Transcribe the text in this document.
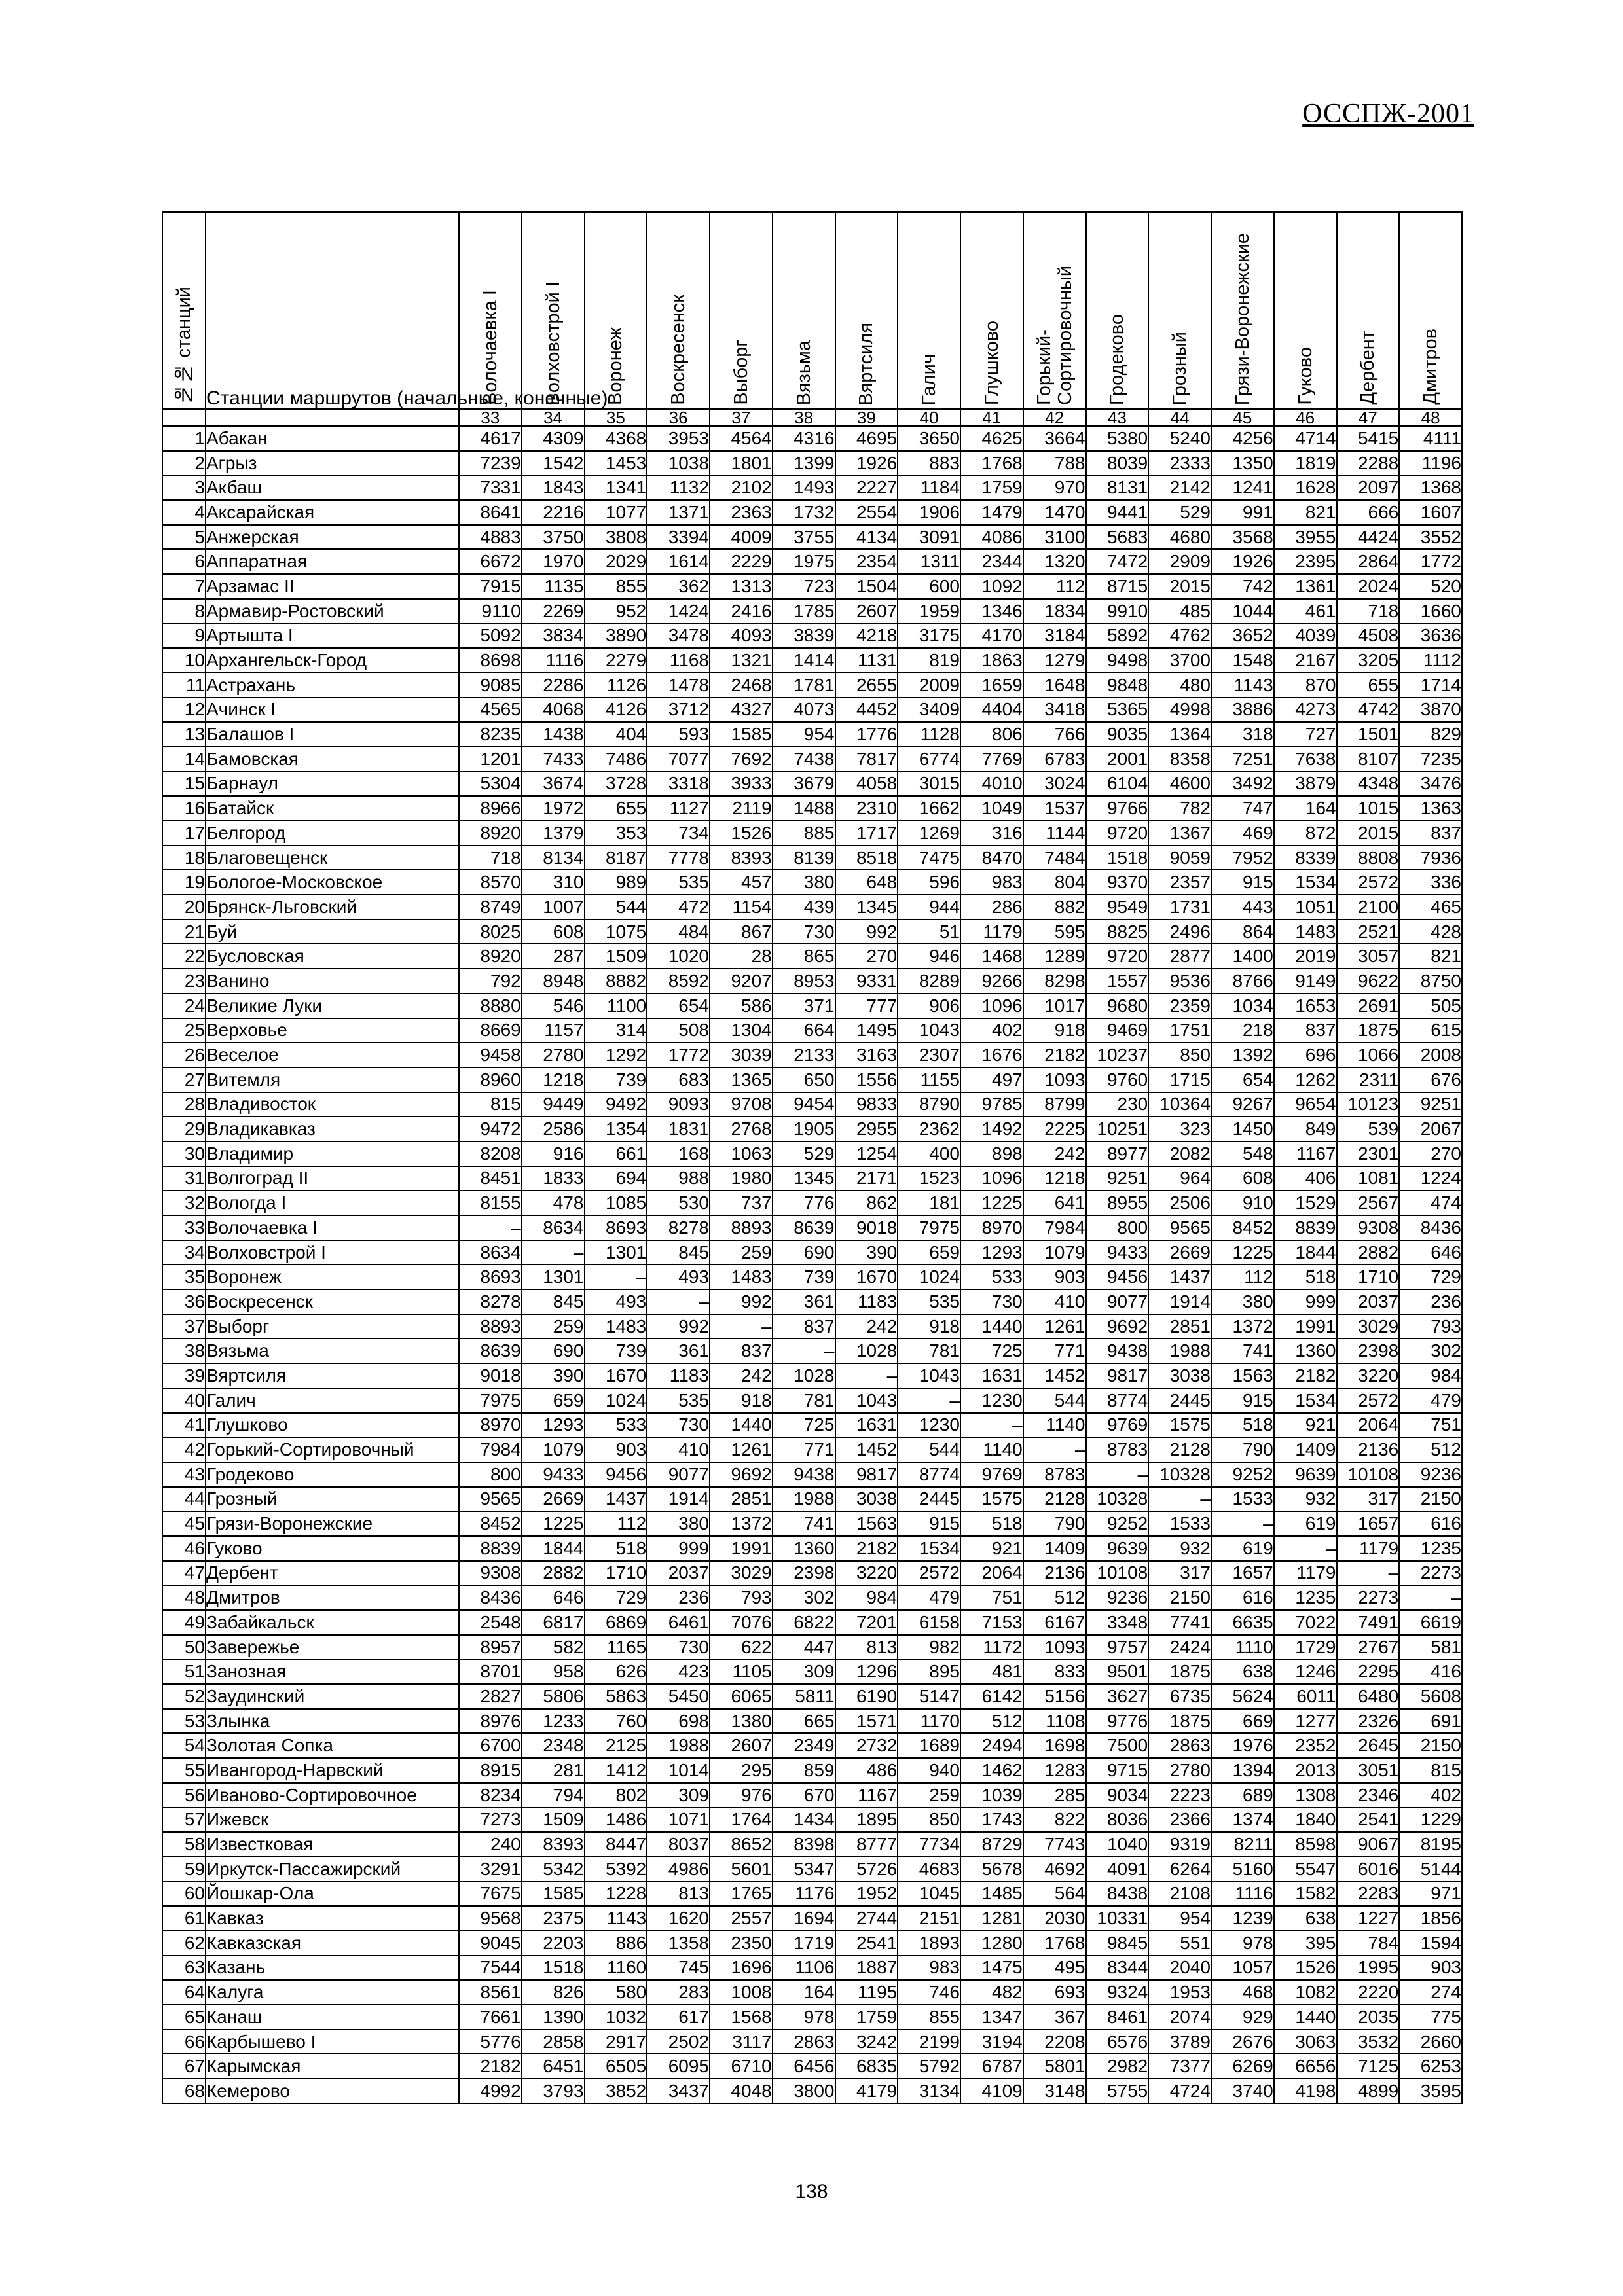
ОССПЖ-2001
№№ станций	Станции маршрутов (начальные, конечные)	Волочаевка I	Волховстрой I	Воронеж	Воскресенск	Выборг	Вязьма	Вяртсиля	Галич	Глушково	Горький-Сортировочный	Гродеково	Грозный	Грязи-Воронежские	Гуково	Дербент	Дмитров
		33	34	35	36	37	38	39	40	41	42	43	44	45	46	47	48
1	Абакан	4617	4309	4368	3953	4564	4316	4695	3650	4625	3664	5380	5240	4256	4714	5415	4111
2	Агрыз	7239	1542	1453	1038	1801	1399	1926	883	1768	788	8039	2333	1350	1819	2288	1196
3	Акбаш	7331	1843	1341	1132	2102	1493	2227	1184	1759	970	8131	2142	1241	1628	2097	1368
4	Аксарайская	8641	2216	1077	1371	2363	1732	2554	1906	1479	1470	9441	529	991	821	666	1607
5	Анжерская	4883	3750	3808	3394	4009	3755	4134	3091	4086	3100	5683	4680	3568	3955	4424	3552
6	Аппаратная	6672	1970	2029	1614	2229	1975	2354	1311	2344	1320	7472	2909	1926	2395	2864	1772
7	Арзамас II	7915	1135	855	362	1313	723	1504	600	1092	112	8715	2015	742	1361	2024	520
8	Армавир-Ростовский	9110	2269	952	1424	2416	1785	2607	1959	1346	1834	9910	485	1044	461	718	1660
9	Артышта I	5092	3834	3890	3478	4093	3839	4218	3175	4170	3184	5892	4762	3652	4039	4508	3636
10	Архангельск-Город	8698	1116	2279	1168	1321	1414	1131	819	1863	1279	9498	3700	1548	2167	3205	1112
11	Астрахань	9085	2286	1126	1478	2468	1781	2655	2009	1659	1648	9848	480	1143	870	655	1714
12	Ачинск I	4565	4068	4126	3712	4327	4073	4452	3409	4404	3418	5365	4998	3886	4273	4742	3870
13	Балашов I	8235	1438	404	593	1585	954	1776	1128	806	766	9035	1364	318	727	1501	829
14	Бамовская	1201	7433	7486	7077	7692	7438	7817	6774	7769	6783	2001	8358	7251	7638	8107	7235
15	Барнаул	5304	3674	3728	3318	3933	3679	4058	3015	4010	3024	6104	4600	3492	3879	4348	3476
16	Батайск	8966	1972	655	1127	2119	1488	2310	1662	1049	1537	9766	782	747	164	1015	1363
17	Белгород	8920	1379	353	734	1526	885	1717	1269	316	1144	9720	1367	469	872	2015	837
18	Благовещенск	718	8134	8187	7778	8393	8139	8518	7475	8470	7484	1518	9059	7952	8339	8808	7936
19	Бологое-Московское	8570	310	989	535	457	380	648	596	983	804	9370	2357	915	1534	2572	336
20	Брянск-Льговский	8749	1007	544	472	1154	439	1345	944	286	882	9549	1731	443	1051	2100	465
21	Буй	8025	608	1075	484	867	730	992	51	1179	595	8825	2496	864	1483	2521	428
22	Бусловская	8920	287	1509	1020	28	865	270	946	1468	1289	9720	2877	1400	2019	3057	821
23	Ванино	792	8948	8882	8592	9207	8953	9331	8289	9266	8298	1557	9536	8766	9149	9622	8750
24	Великие Луки	8880	546	1100	654	586	371	777	906	1096	1017	9680	2359	1034	1653	2691	505
25	Верховье	8669	1157	314	508	1304	664	1495	1043	402	918	9469	1751	218	837	1875	615
26	Веселое	9458	2780	1292	1772	3039	2133	3163	2307	1676	2182	10237	850	1392	696	1066	2008
27	Витемля	8960	1218	739	683	1365	650	1556	1155	497	1093	9760	1715	654	1262	2311	676
28	Владивосток	815	9449	9492	9093	9708	9454	9833	8790	9785	8799	230	10364	9267	9654	10123	9251
29	Владикавказ	9472	2586	1354	1831	2768	1905	2955	2362	1492	2225	10251	323	1450	849	539	2067
30	Владимир	8208	916	661	168	1063	529	1254	400	898	242	8977	2082	548	1167	2301	270
31	Волгоград II	8451	1833	694	988	1980	1345	2171	1523	1096	1218	9251	964	608	406	1081	1224
32	Вологда I	8155	478	1085	530	737	776	862	181	1225	641	8955	2506	910	1529	2567	474
33	Волочаевка I	–	8634	8693	8278	8893	8639	9018	7975	8970	7984	800	9565	8452	8839	9308	8436
34	Волховстрой I	8634	–	1301	845	259	690	390	659	1293	1079	9433	2669	1225	1844	2882	646
35	Воронеж	8693	1301	–	493	1483	739	1670	1024	533	903	9456	1437	112	518	1710	729
36	Воскресенск	8278	845	493	–	992	361	1183	535	730	410	9077	1914	380	999	2037	236
37	Выборг	8893	259	1483	992	–	837	242	918	1440	1261	9692	2851	1372	1991	3029	793
38	Вязьма	8639	690	739	361	837	–	1028	781	725	771	9438	1988	741	1360	2398	302
39	Вяртсиля	9018	390	1670	1183	242	1028	–	1043	1631	1452	9817	3038	1563	2182	3220	984
40	Галич	7975	659	1024	535	918	781	1043	–	1230	544	8774	2445	915	1534	2572	479
41	Глушково	8970	1293	533	730	1440	725	1631	1230	–	1140	9769	1575	518	921	2064	751
42	Горький-Сортировочный	7984	1079	903	410	1261	771	1452	544	1140	–	8783	2128	790	1409	2136	512
43	Гродеково	800	9433	9456	9077	9692	9438	9817	8774	9769	8783	–	10328	9252	9639	10108	9236
44	Грозный	9565	2669	1437	1914	2851	1988	3038	2445	1575	2128	10328	–	1533	932	317	2150
45	Грязи-Воронежские	8452	1225	112	380	1372	741	1563	915	518	790	9252	1533	–	619	1657	616
46	Гуково	8839	1844	518	999	1991	1360	2182	1534	921	1409	9639	932	619	–	1179	1235
47	Дербент	9308	2882	1710	2037	3029	2398	3220	2572	2064	2136	10108	317	1657	1179	–	2273
48	Дмитров	8436	646	729	236	793	302	984	479	751	512	9236	2150	616	1235	2273	–
49	Забайкальск	2548	6817	6869	6461	7076	6822	7201	6158	7153	6167	3348	7741	6635	7022	7491	6619
50	Завережье	8957	582	1165	730	622	447	813	982	1172	1093	9757	2424	1110	1729	2767	581
51	Занозная	8701	958	626	423	1105	309	1296	895	481	833	9501	1875	638	1246	2295	416
52	Заудинский	2827	5806	5863	5450	6065	5811	6190	5147	6142	5156	3627	6735	5624	6011	6480	5608
53	Злынка	8976	1233	760	698	1380	665	1571	1170	512	1108	9776	1875	669	1277	2326	691
54	Золотая Сопка	6700	2348	2125	1988	2607	2349	2732	1689	2494	1698	7500	2863	1976	2352	2645	2150
55	Ивангород-Нарвский	8915	281	1412	1014	295	859	486	940	1462	1283	9715	2780	1394	2013	3051	815
56	Иваново-Сортировочное	8234	794	802	309	976	670	1167	259	1039	285	9034	2223	689	1308	2346	402
57	Ижевск	7273	1509	1486	1071	1764	1434	1895	850	1743	822	8036	2366	1374	1840	2541	1229
58	Известковая	240	8393	8447	8037	8652	8398	8777	7734	8729	7743	1040	9319	8211	8598	9067	8195
59	Иркутск-Пассажирский	3291	5342	5392	4986	5601	5347	5726	4683	5678	4692	4091	6264	5160	5547	6016	5144
60	Йошкар-Ола	7675	1585	1228	813	1765	1176	1952	1045	1485	564	8438	2108	1116	1582	2283	971
61	Кавказ	9568	2375	1143	1620	2557	1694	2744	2151	1281	2030	10331	954	1239	638	1227	1856
62	Кавказская	9045	2203	886	1358	2350	1719	2541	1893	1280	1768	9845	551	978	395	784	1594
63	Казань	7544	1518	1160	745	1696	1106	1887	983	1475	495	8344	2040	1057	1526	1995	903
64	Калуга	8561	826	580	283	1008	164	1195	746	482	693	9324	1953	468	1082	2220	274
65	Канаш	7661	1390	1032	617	1568	978	1759	855	1347	367	8461	2074	929	1440	2035	775
66	Карбышево I	5776	2858	2917	2502	3117	2863	3242	2199	3194	2208	6576	3789	2676	3063	3532	2660
67	Карымская	2182	6451	6505	6095	6710	6456	6835	5792	6787	5801	2982	7377	6269	6656	7125	6253
68	Кемерово	4992	3793	3852	3437	4048	3800	4179	3134	4109	3148	5755	4724	3740	4198	4899	3595
138
